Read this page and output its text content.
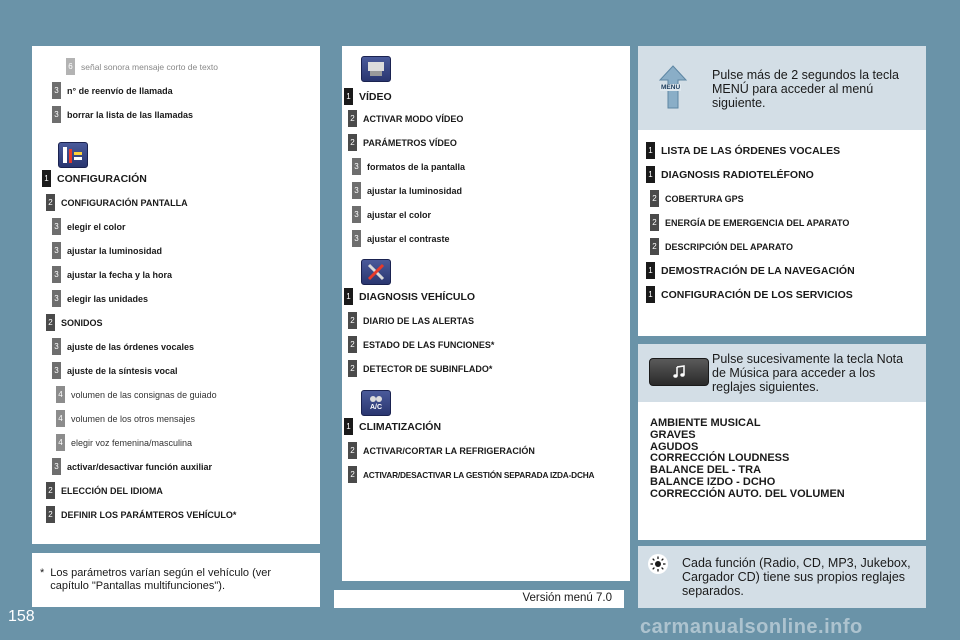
6 señal sonora mensaje corto de texto
3 n° de reenvío de llamada
3 borrar la lista de las llamadas
1 CONFIGURACIÓN
2 CONFIGURACIÓN PANTALLA
3 elegir el color
3 ajustar la luminosidad
3 ajustar la fecha y la hora
3 elegir las unidades
2 SONIDOS
3 ajuste de las órdenes vocales
3 ajuste de la síntesis vocal
4 volumen de las consignas de guiado
4 volumen de los otros mensajes
4 elegir voz femenina/masculina
3 activar/desactivar función auxiliar
2 ELECCIÓN DEL IDIOMA
2 DEFINIR LOS PARÁMTEROS VEHÍCULO*
* Los parámetros varían según el vehículo (ver capítulo "Pantallas multifunciones").
1 VÍDEO
2 ACTIVAR MODO VÍDEO
2 PARÁMETROS VÍDEO
3 formatos de la pantalla
3 ajustar la luminosidad
3 ajustar el color
3 ajustar el contraste
1 DIAGNOSIS VEHÍCULO
2 DIARIO DE LAS ALERTAS
2 ESTADO DE LAS FUNCIONES*
2 DETECTOR DE SUBINFLADO*
A/C
1 CLIMATIZACIÓN
2 ACTIVAR/CORTAR LA REFRIGERACIÓN
2 ACTIVAR/DESACTIVAR LA GESTIÓN SEPARADA IZDA-DCHA
Versión menú 7.0
MENU
Pulse más de 2 segundos la tecla MENÚ para acceder al menú siguiente.
1 LISTA DE LAS ÓRDENES VOCALES
1 DIAGNOSIS RADIOTELÉFONO
2 COBERTURA GPS
2 ENERGÍA DE EMERGENCIA DEL APARATO
2 DESCRIPCIÓN DEL APARATO
1 DEMOSTRACIÓN DE LA NAVEGACIÓN
1 CONFIGURACIÓN DE LOS SERVICIOS
Pulse sucesivamente la tecla Nota de Música para acceder a los reglajes siguientes.
AMBIENTE MUSICAL
GRAVES
AGUDOS
CORRECCIÓN LOUDNESS
BALANCE DEL - TRA
BALANCE IZDO - DCHO
CORRECCIÓN AUTO. DEL VOLUMEN
Cada función (Radio, CD, MP3, Jukebox, Cargador CD) tiene sus propios reglajes separados.
158	carmanualsonline.info
